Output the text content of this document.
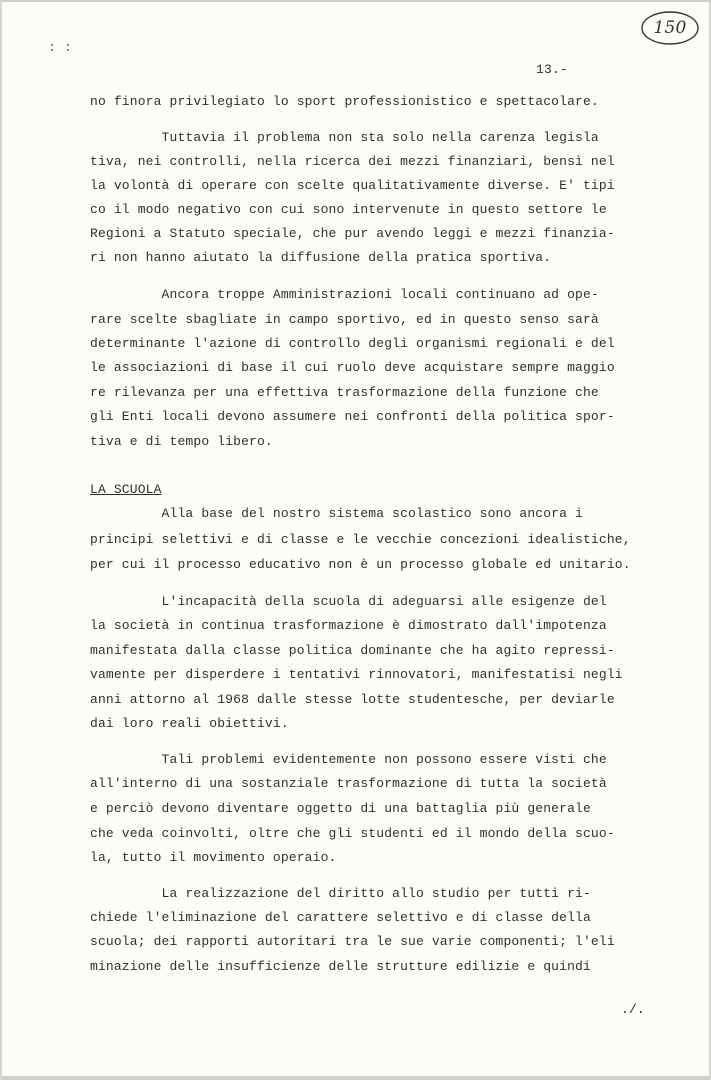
150
: :
13.-
no finora privilegiato lo sport professionistico e spettacolare.
Tuttavia il problema non sta solo nella carenza legisla
tiva, nei controlli, nella ricerca dei mezzi finanziari, bensì nel
la volontà di operare con scelte qualitativamente diverse. E' tipi
co il modo negativo con cui sono intervenute in questo settore le
Regioni a Statuto speciale, che pur avendo leggi e mezzi finanzia-
ri non hanno aiutato la diffusione della pratica sportiva.
Ancora troppe Amministrazioni locali continuano ad ope-
rare scelte sbagliate in campo sportivo, ed in questo senso sarà
determinante l'azione di controllo degli organismi regionali e del
le associazioni di base il cui ruolo deve acquistare sempre maggio
re rilevanza per una effettiva trasformazione della funzione che
gli Enti locali devono assumere nei confronti della politica spor-
tiva e di tempo libero.
LA SCUOLA
Alla base del nostro sistema scolastico sono ancora i
principi selettivi e di classe e le vecchie concezioni idealistiche,
per cui il processo educativo non è un processo globale ed unitario.
L'incapacità della scuola di adeguarsi alle esigenze del
la società in continua trasformazione è dimostrato dall'impotenza
manifestata dalla classe politica dominante che ha agito repressi-
vamente per disperdere i tentativi rinnovatori, manifestatisi negli
anni attorno al 1968 dalle stesse lotte studentesche, per deviarle
dai loro reali obiettivi.
Tali problemi evidentemente non possono essere visti che
all'interno di una sostanziale trasformazione di tutta la società
e perciò devono diventare oggetto di una battaglia più generale
che veda coinvolti, oltre che gli studenti ed il mondo della scuo-
la, tutto il movimento operaio.
La realizzazione del diritto allo studio per tutti ri-
chiede l'eliminazione del carattere selettivo e di classe della
scuola; dei rapporti autoritari tra le sue varie componenti; l'eli
minazione delle insufficienze delle strutture edilizie e quindi
./.
